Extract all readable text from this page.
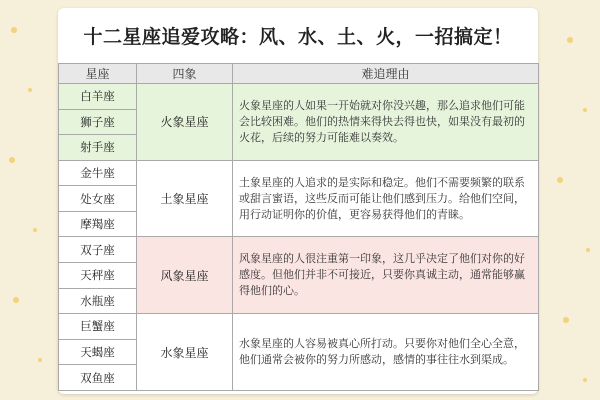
十二星座追爱攻略：风、水、土、火，一招搞定！
星座	四象	难追理由
白羊座	火象星座	火象星座的人如果一开始就对你没兴趣，那么追求他们可能会比较困难。他们的热情来得快去得也快，如果没有最初的火花，后续的努力可能难以奏效。
狮子座		
射手座		
金牛座	土象星座	土象星座的人追求的是实际和稳定。他们不需要频繁的联系或甜言蜜语，这些反而可能让他们感到压力。给他们空间，用行动证明你的价值，更容易获得他们的青睐。
处女座		
摩羯座		
双子座	风象星座	风象星座的人很注重第一印象，这几乎决定了他们对你的好感度。但他们并非不可接近，只要你真诚主动，通常能够赢得他们的心。
天秤座		
水瓶座		
巨蟹座	水象星座	水象星座的人容易被真心所打动。只要你对他们全心全意，他们通常会被你的努力所感动，感情的事往往水到渠成。
天蝎座		
双鱼座		
